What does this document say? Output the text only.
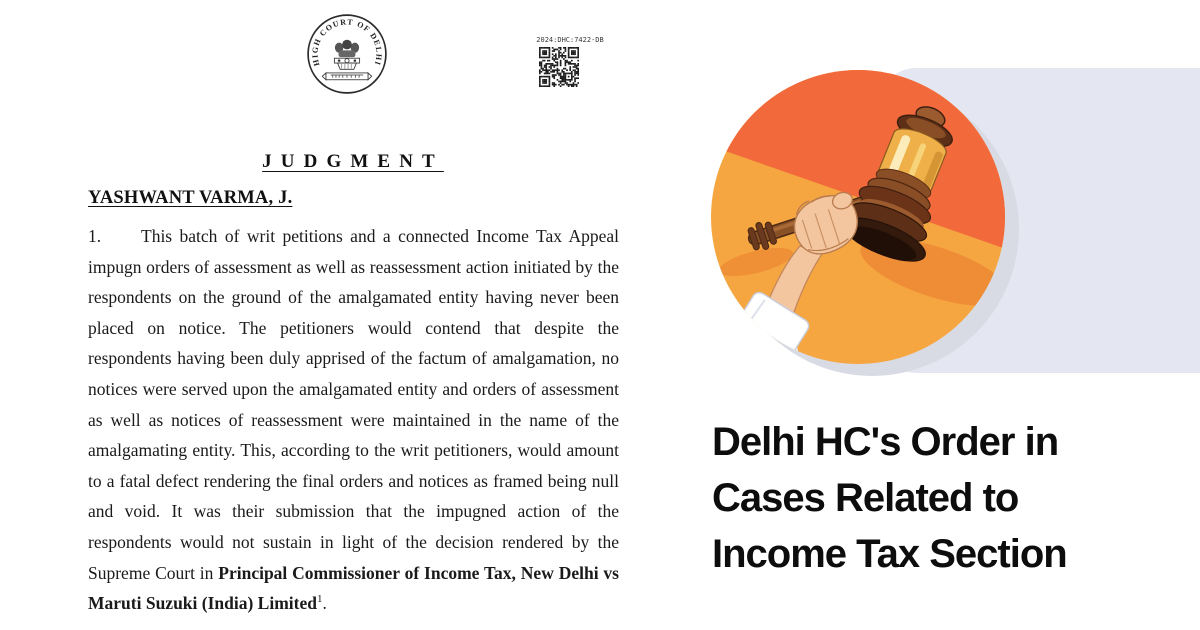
HIGH COURT OF DELHI
2024:DHC:7422-DB
JUDGMENT
YASHWANT VARMA, J.

1. This batch of writ petitions and a connected Income Tax Appeal impugn orders of assessment as well as reassessment action initiated by the respondents on the ground of the amalgamated entity having never been placed on notice. The petitioners would contend that despite the respondents having been duly apprised of the factum of amalgamation, no notices were served upon the amalgamated entity and orders of assessment as well as notices of reassessment were maintained in the name of the amalgamating entity. This, according to the writ petitioners, would amount to a fatal defect rendering the final orders and notices as framed being null and void. It was their submission that the impugned action of the respondents would not sustain in light of the decision rendered by the Supreme Court in Principal Commissioner of Income Tax, New Delhi vs Maruti Suzuki (India) Limited$^1$.

Delhi HC's Order in
Cases Related to
Income Tax Section
